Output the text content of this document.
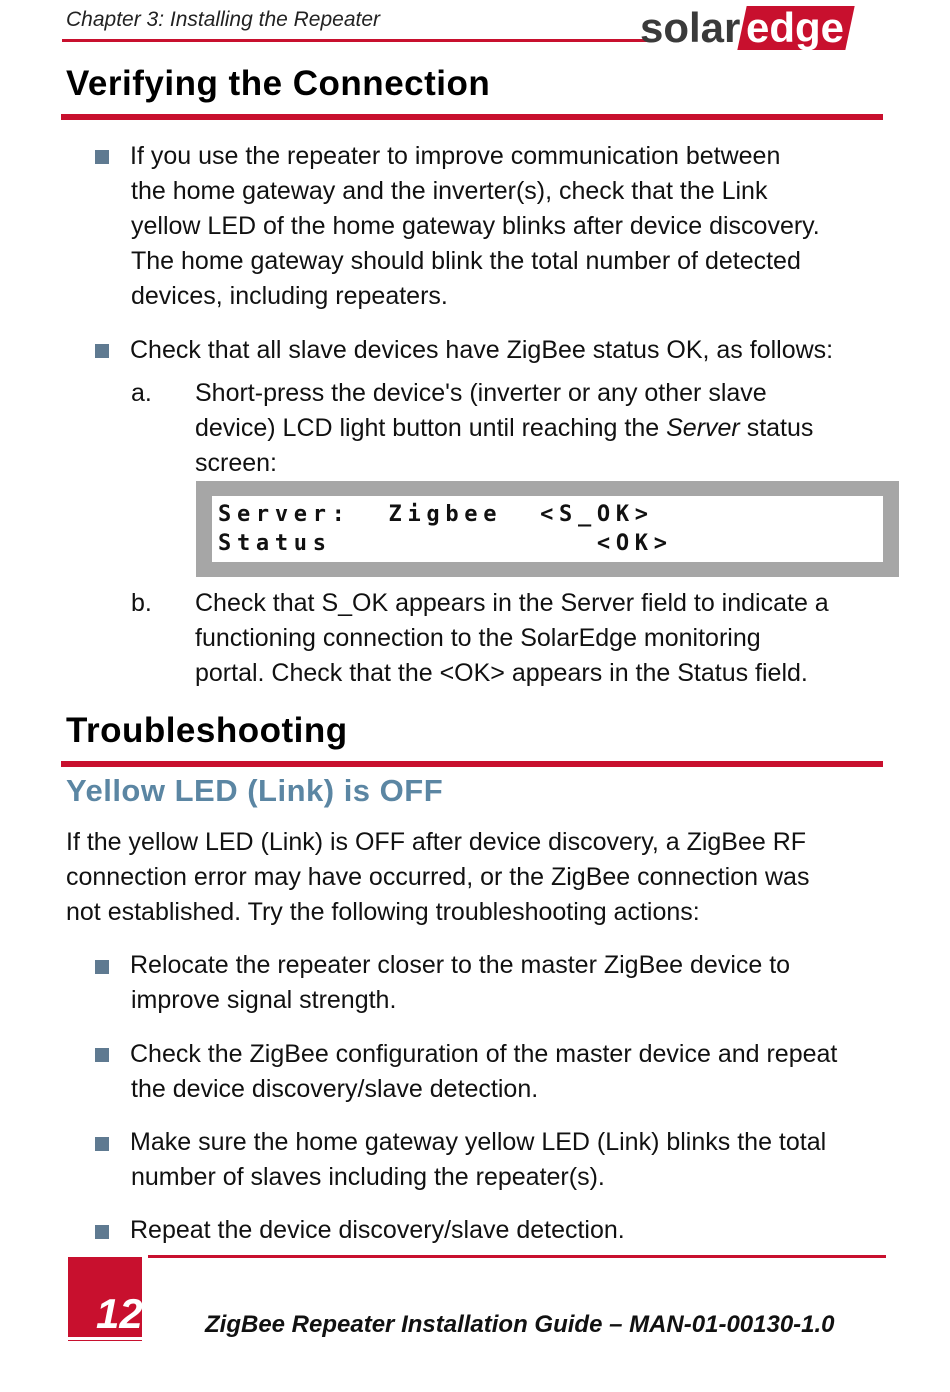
Chapter 3: Installing the Repeater	solar edge
Verifying the Connection
If you use the repeater to improve communication between
the home gateway and the inverter(s), check that the Link
yellow LED of the home gateway blinks after device discovery.
The home gateway should blink the total number of detected
devices, including repeaters.
Check that all slave devices have ZigBee status OK, as follows:
a. Short-press the device's (inverter or any other slave
device) LCD light button until reaching the Server status
screen:
Server:  Zigbee  <S_OK>
Status              <OK>
b. Check that S_OK appears in the Server field to indicate a
functioning connection to the SolarEdge monitoring
portal. Check that the <OK> appears in the Status field.
Troubleshooting
Yellow LED (Link) is OFF
If the yellow LED (Link) is OFF after device discovery, a ZigBee RF
connection error may have occurred, or the ZigBee connection was
not established. Try the following troubleshooting actions:
Relocate the repeater closer to the master ZigBee device to
improve signal strength.
Check the ZigBee configuration of the master device and repeat
the device discovery/slave detection.
Make sure the home gateway yellow LED (Link) blinks the total
number of slaves including the repeater(s).
Repeat the device discovery/slave detection.
12	ZigBee Repeater Installation Guide – MAN-01-00130-1.0
